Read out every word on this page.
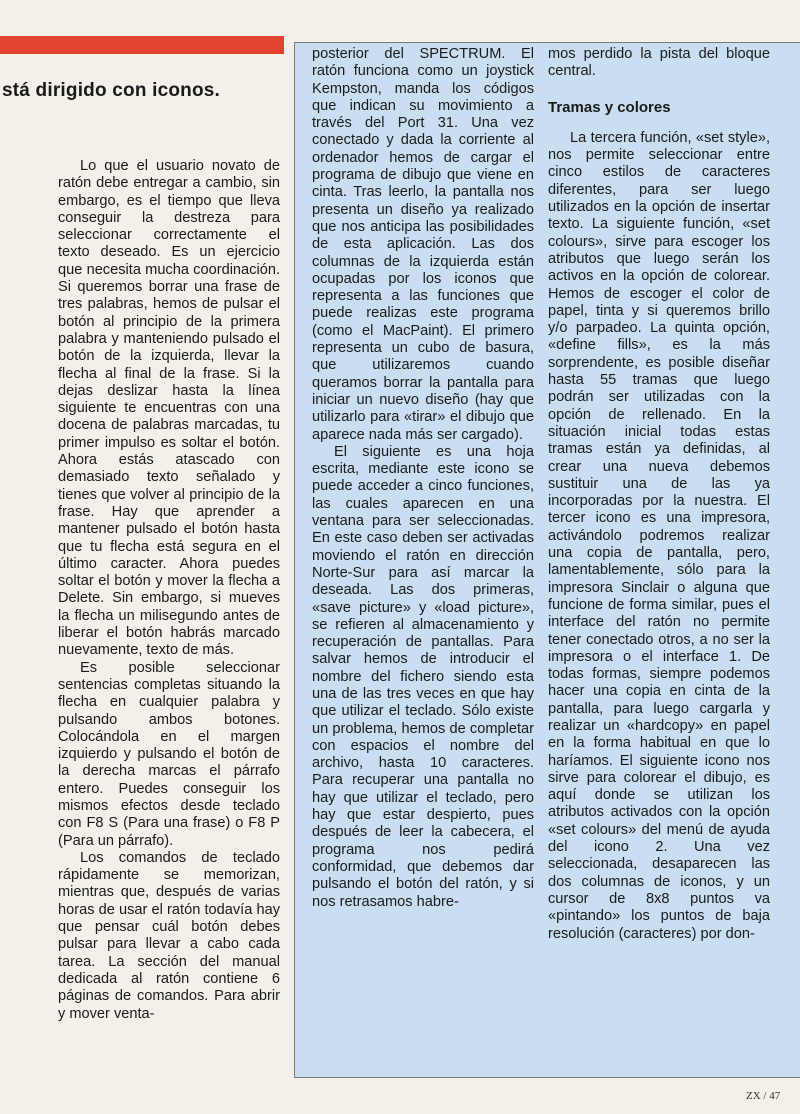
stá dirigido con iconos.

Lo que el usuario novato de ratón debe entregar a cambio, sin embargo, es el tiempo que lleva conseguir la destreza para seleccionar correctamente el texto deseado. Es un ejercicio que necesita mucha coordinación. Si queremos borrar una frase de tres palabras, hemos de pulsar el botón al principio de la primera palabra y manteniendo pulsado el botón de la izquierda, llevar la flecha al final de la frase. Si la dejas deslizar hasta la línea siguiente te encuentras con una docena de palabras marcadas, tu primer impulso es soltar el botón. Ahora estás atascado con demasiado texto señalado y tienes que volver al principio de la frase. Hay que aprender a mantener pulsado el botón hasta que tu flecha está segura en el último caracter. Ahora puedes soltar el botón y mover la flecha a Delete. Sin embargo, si mueves la flecha un milisegundo antes de liberar el botón habrás marcado nuevamente, texto de más.

Es posible seleccionar sentencias completas situando la flecha en cualquier palabra y pulsando ambos botones. Colocándola en el margen izquierdo y pulsando el botón de la derecha marcas el párrafo entero. Puedes conseguir los mismos efectos desde teclado con F8 S (Para una frase) o F8 P (Para un párrafo).

Los comandos de teclado rápidamente se memorizan, mientras que, después de varias horas de usar el ratón todavía hay que pensar cuál botón debes pulsar para llevar a cabo cada tarea. La sección del manual dedicada al ratón contiene 6 páginas de comandos. Para abrir y mover venta-

posterior del SPECTRUM. El ratón funciona como un joystick Kempston, manda los códigos que indican su movimiento a través del Port 31. Una vez conectado y dada la corriente al ordenador hemos de cargar el programa de dibujo que viene en cinta. Tras leerlo, la pantalla nos presenta un diseño ya realizado que nos anticipa las posibilidades de esta aplicación. Las dos columnas de la izquierda están ocupadas por los iconos que representa a las funciones que puede realizas este programa (como el MacPaint). El primero representa un cubo de basura, que utilizaremos cuando queramos borrar la pantalla para iniciar un nuevo diseño (hay que utilizarlo para «tirar» el dibujo que aparece nada más ser cargado).

El siguiente es una hoja escrita, mediante este icono se puede acceder a cinco funciones, las cuales aparecen en una ventana para ser seleccionadas. En este caso deben ser activadas moviendo el ratón en dirección Norte-Sur para así marcar la deseada. Las dos primeras, «save picture» y «load picture», se refieren al almacenamiento y recuperación de pantallas. Para salvar hemos de introducir el nombre del fichero siendo esta una de las tres veces en que hay que utilizar el teclado. Sólo existe un problema, hemos de completar con espacios el nombre del archivo, hasta 10 caracteres. Para recuperar una pantalla no hay que utilizar el teclado, pero hay que estar despierto, pues después de leer la cabecera, el programa nos pedirá conformidad, que debemos dar pulsando el botón del ratón, y si nos retrasamos habre-

mos perdido la pista del bloque central.

Tramas y colores

La tercera función, «set style», nos permite seleccionar entre cinco estilos de caracteres diferentes, para ser luego utilizados en la opción de insertar texto. La siguiente función, «set colours», sirve para escoger los atributos que luego serán los activos en la opción de colorear. Hemos de escoger el color de papel, tinta y si queremos brillo y/o parpadeo. La quinta opción, «define fills», es la más sorprendente, es posible diseñar hasta 55 tramas que luego podrán ser utilizadas con la opción de rellenado. En la situación inicial todas estas tramas están ya definidas, al crear una nueva debemos sustituir una de las ya incorporadas por la nuestra. El tercer icono es una impresora, activándolo podremos realizar una copia de pantalla, pero, lamentablemente, sólo para la impresora Sinclair o alguna que funcione de forma similar, pues el interface del ratón no permite tener conectado otros, a no ser la impresora o el interface 1. De todas formas, siempre podemos hacer una copia en cinta de la pantalla, para luego cargarla y realizar un «hardcopy» en papel en la forma habitual en que lo haríamos. El siguiente icono nos sirve para colorear el dibujo, es aquí donde se utilizan los atributos activados con la opción «set colours» del menú de ayuda del icono 2. Una vez seleccionada, desaparecen las dos columnas de iconos, y un cursor de 8x8 puntos va «pintando» los puntos de baja resolución (caracteres) por don-

ZX / 47
